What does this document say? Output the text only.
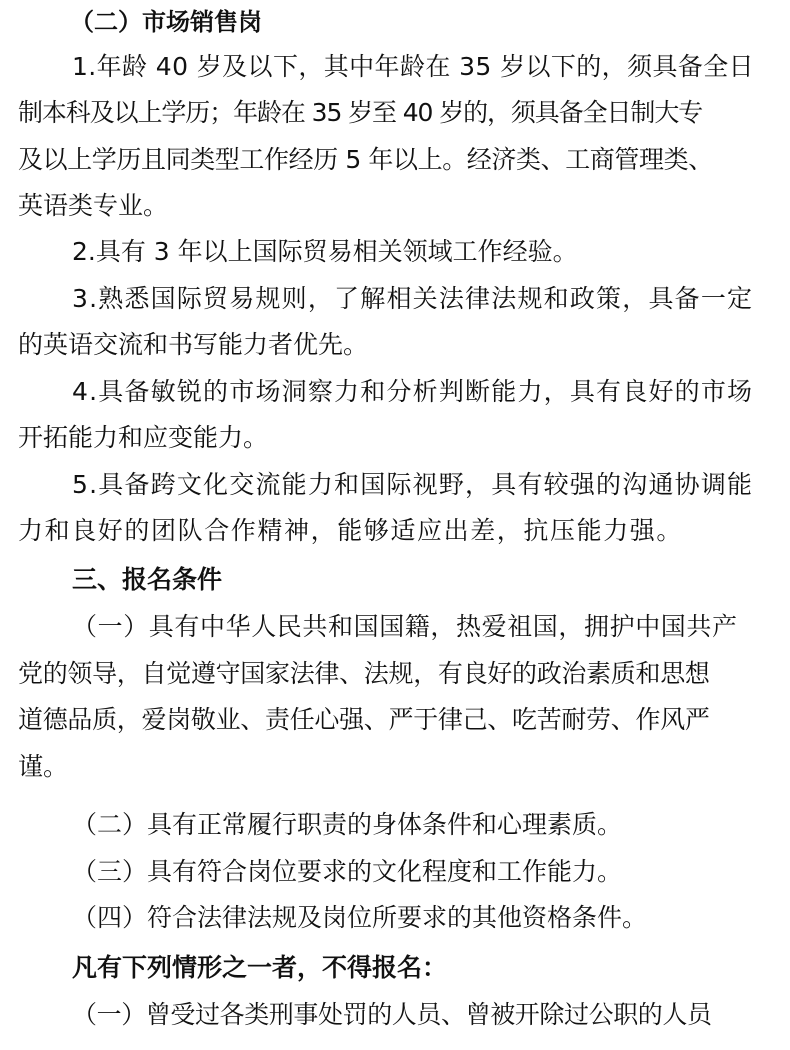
（二）市场销售岗
1.年龄 40 岁及以下，其中年龄在 35 岁以下的，须具备全日
制本科及以上学历；年龄在 35 岁至 40 岁的，须具备全日制大专
及以上学历且同类型工作经历 5 年以上。经济类、工商管理类、
英语类专业。
2.具有 3 年以上国际贸易相关领域工作经验。
3.熟悉国际贸易规则，了解相关法律法规和政策，具备一定
的英语交流和书写能力者优先。
4.具备敏锐的市场洞察力和分析判断能力，具有良好的市场
开拓能力和应变能力。
5.具备跨文化交流能力和国际视野，具有较强的沟通协调能
力和良好的团队合作精神，能够适应出差，抗压能力强。
三、报名条件
（一）具有中华人民共和国国籍，热爱祖国，拥护中国共产
党的领导，自觉遵守国家法律、法规，有良好的政治素质和思想
道德品质，爱岗敬业、责任心强、严于律己、吃苦耐劳、作风严
谨。
（二）具有正常履行职责的身体条件和心理素质。
（三）具有符合岗位要求的文化程度和工作能力。
（四）符合法律法规及岗位所要求的其他资格条件。
凡有下列情形之一者，不得报名：
（一）曾受过各类刑事处罚的人员、曾被开除过公职的人员
